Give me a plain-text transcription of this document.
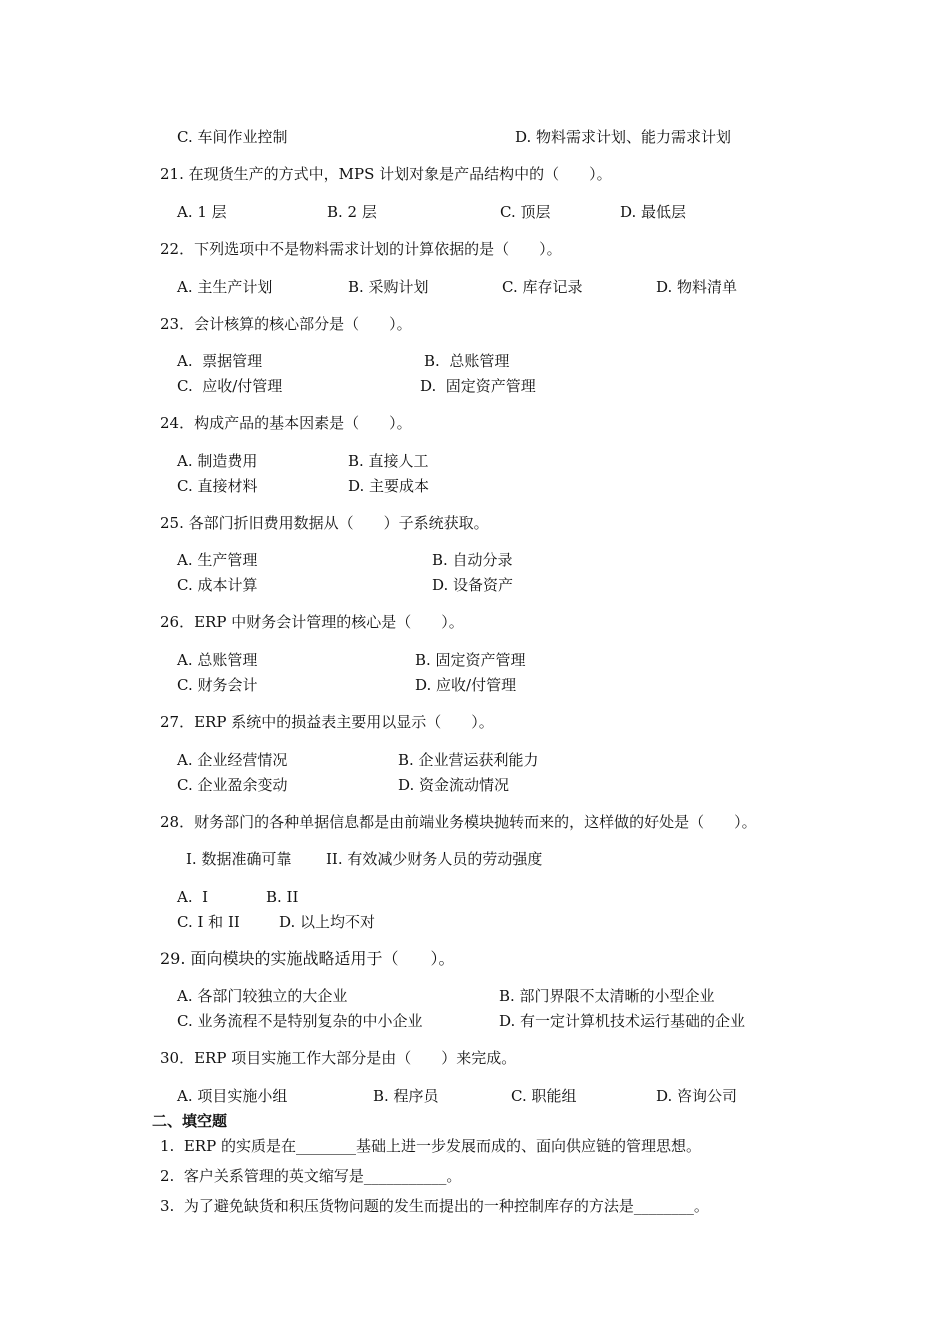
C. 车间作业控制	D. 物料需求计划、能力需求计划
21. 在现货生产的方式中，MPS 计划对象是产品结构中的（　　）。
A. 1 层	B. 2 层	C. 顶层	D. 最低层
22．下列选项中不是物料需求计划的计算依据的是（　　）。
A. 主生产计划	B. 采购计划	C. 库存记录	D. 物料清单
23．会计核算的核心部分是（　　）。
A.  票据管理	B.  总账管理
C.  应收/付管理	D.  固定资产管理
24．构成产品的基本因素是（　　）。
A. 制造费用	B. 直接人工
C. 直接材料	D. 主要成本
25. 各部门折旧费用数据从（　　）子系统获取。
A. 生产管理	B. 自动分录
C. 成本计算	D. 设备资产
26．ERP 中财务会计管理的核心是（　　）。
A. 总账管理	B. 固定资产管理
C. 财务会计	D. 应收/付管理
27．ERP 系统中的损益表主要用以显示（　　）。
A. 企业经营情况	B. 企业营运获利能力
C. 企业盈余变动	D. 资金流动情况
28．财务部门的各种单据信息都是由前端业务模块抛转而来的，这样做的好处是（　　）。
I. 数据准确可靠 II. 有效减少财务人员的劳动强度
A.  I	B. II
C. I 和 II	D. 以上均不对
29. 面向模块的实施战略适用于（　　）。
A. 各部门较独立的大企业	B. 部门界限不太清晰的小型企业
C. 业务流程不是特别复杂的中小企业	D. 有一定计算机技术运行基础的企业
30．ERP 项目实施工作大部分是由（　　）来完成。
A. 项目实施小组	B. 程序员	C. 职能组	D. 咨询公司
二、填空题
1.  ERP 的实质是在________基础上进一步发展而成的、面向供应链的管理思想。
2.  客户关系管理的英文缩写是___________。
3.  为了避免缺货和积压货物问题的发生而提出的一种控制库存的方法是________。
